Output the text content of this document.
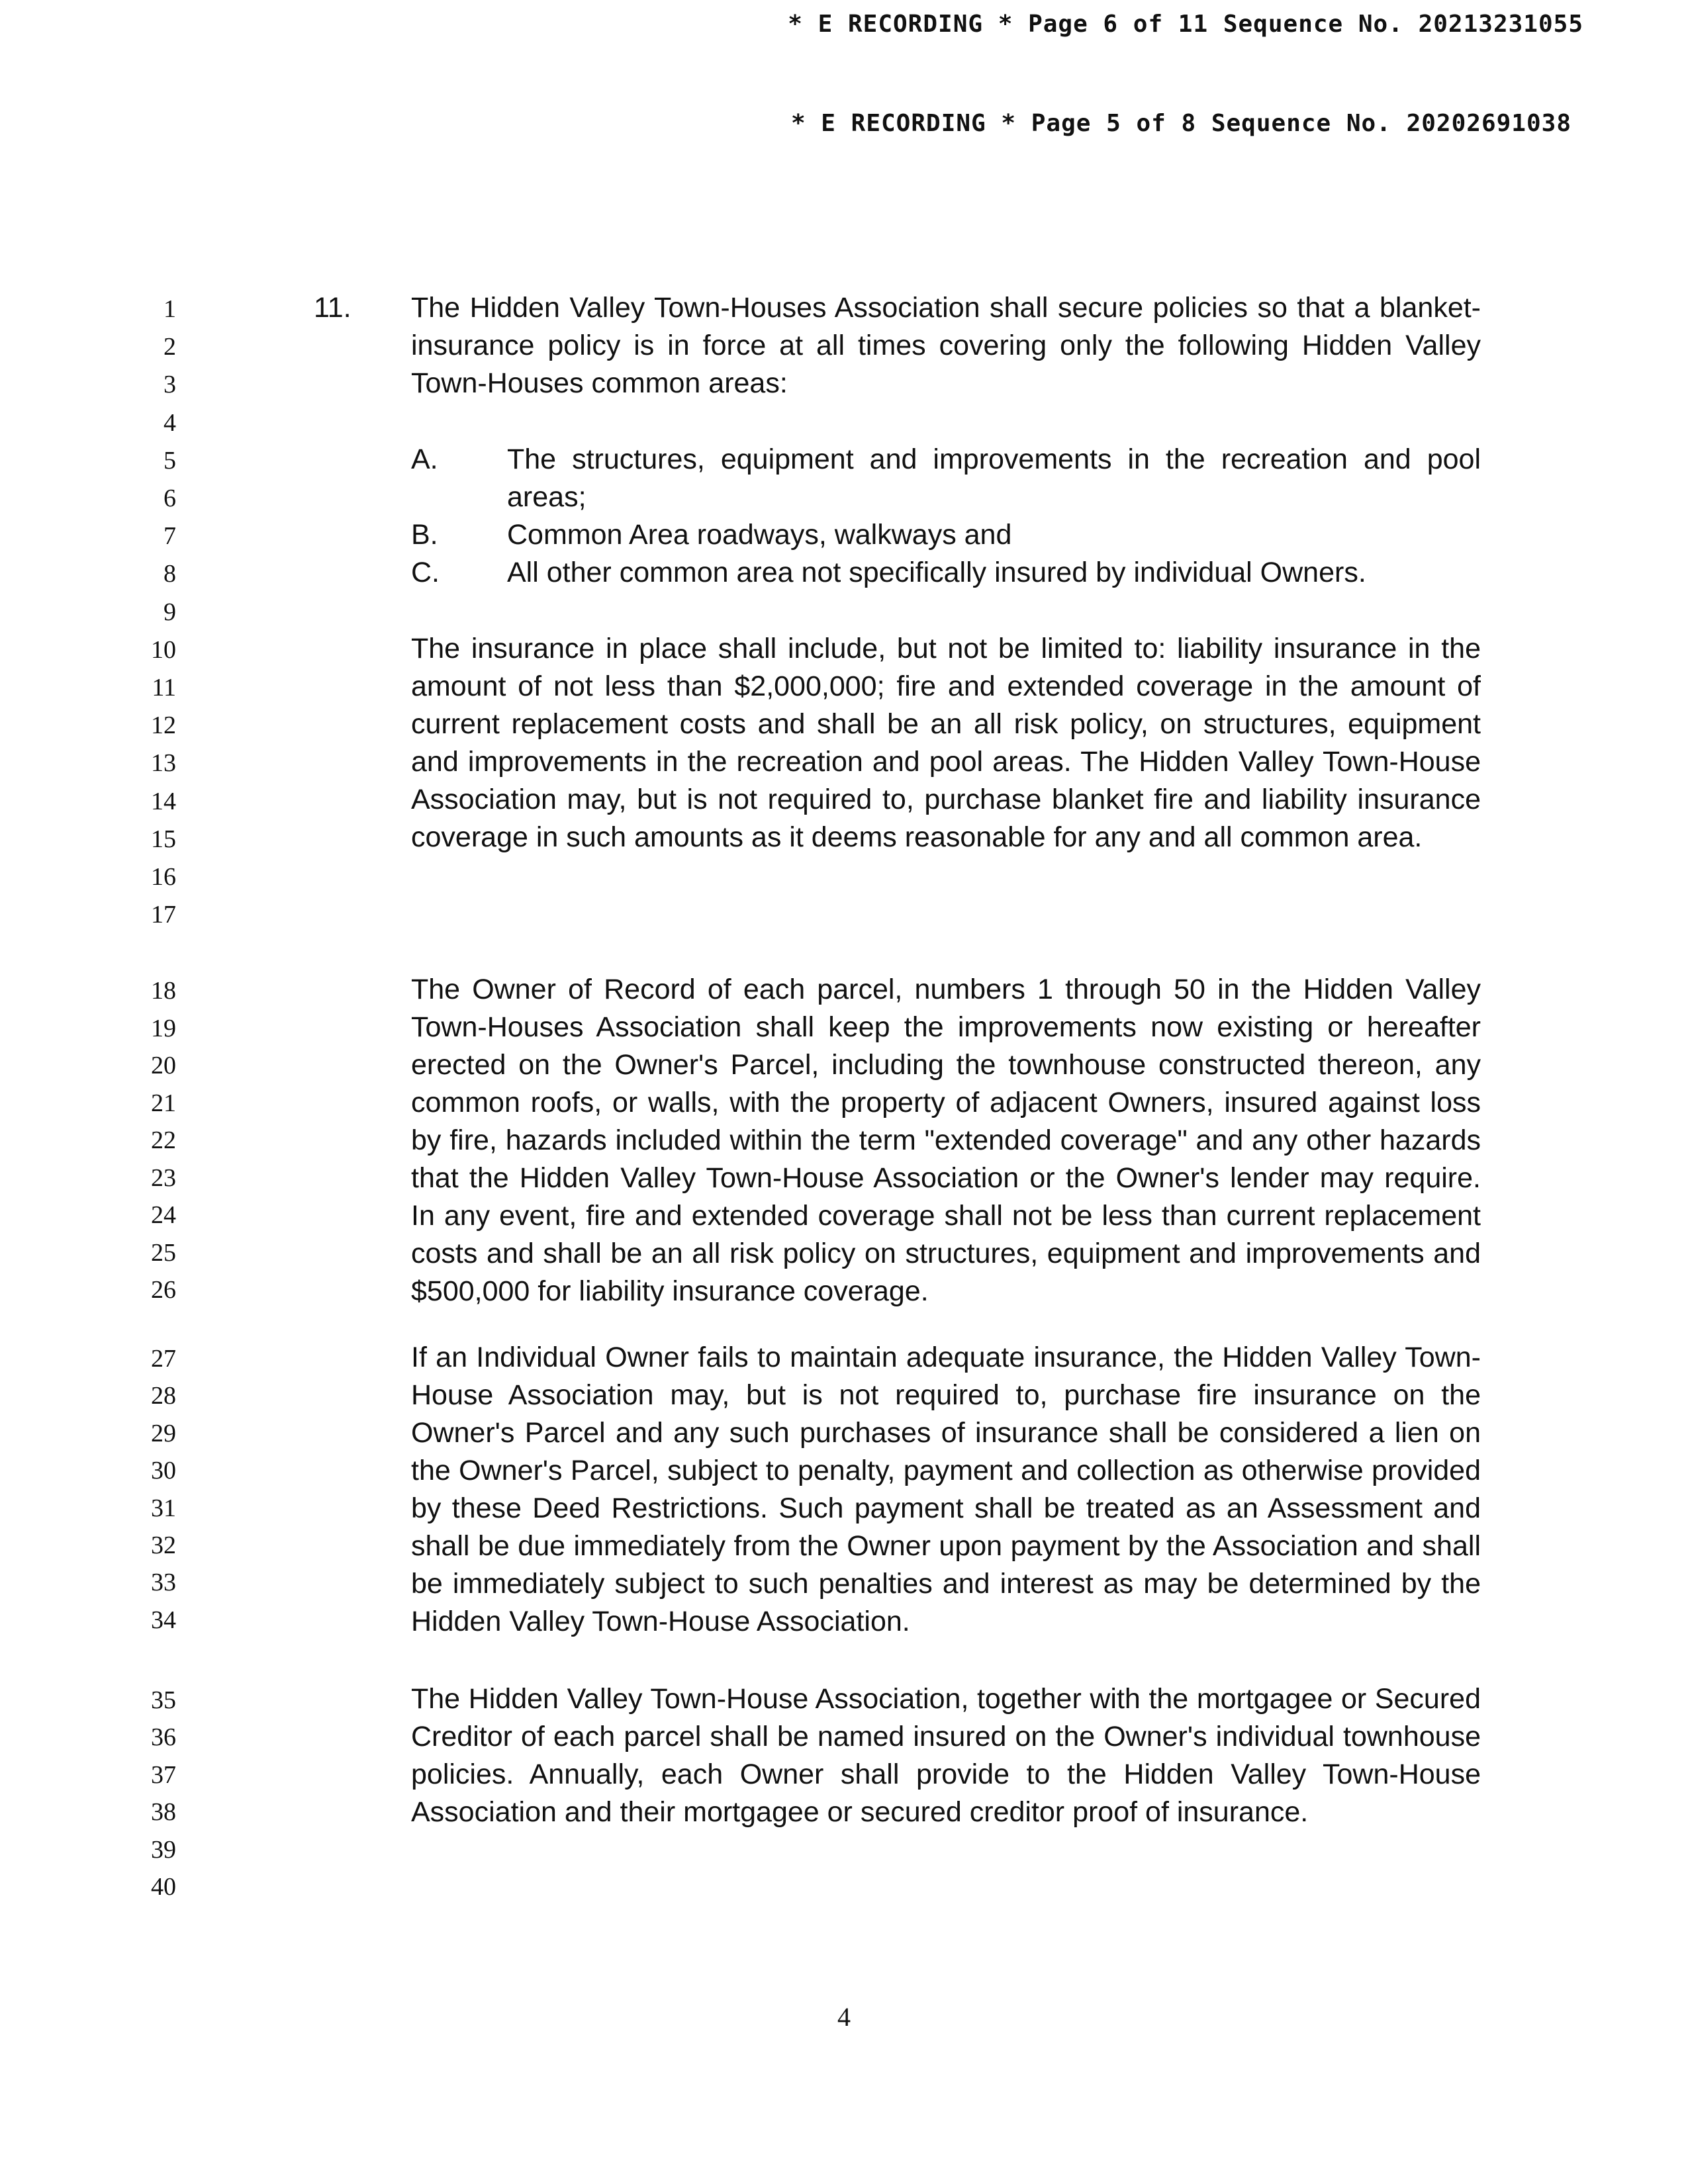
* E RECORDING * Page 6 of 11 Sequence No. 20213231055
* E RECORDING * Page 5 of 8 Sequence No. 20202691038
1
2
3
4
5
6
7
8
9
10
11
12
13
14
15
16
17
18
19
20
21
22
23
24
25
26
27
28
29
30
31
32
33
34
35
36
37
38
39
40
11. The Hidden Valley Town-Houses Association shall secure policies so that a blanket-insurance policy is in force at all times covering only the following Hidden Valley Town-Houses common areas:
A. The structures, equipment and improvements in the recreation and pool areas;
B. Common Area roadways, walkways and
C. All other common area not specifically insured by individual Owners.
The insurance in place shall include, but not be limited to: liability insurance in the amount of not less than $2,000,000; fire and extended coverage in the amount of current replacement costs and shall be an all risk policy, on structures, equipment and improvements in the recreation and pool areas. The Hidden Valley Town-House Association may, but is not required to, purchase blanket fire and liability insurance coverage in such amounts as it deems reasonable for any and all common area.
The Owner of Record of each parcel, numbers 1 through 50 in the Hidden Valley Town-Houses Association shall keep the improvements now existing or hereafter erected on the Owner's Parcel, including the townhouse constructed thereon, any common roofs, or walls, with the property of adjacent Owners, insured against loss by fire, hazards included within the term "extended coverage" and any other hazards that the Hidden Valley Town-House Association or the Owner's lender may require. In any event, fire and extended coverage shall not be less than current replacement costs and shall be an all risk policy on structures, equipment and improvements and $500,000 for liability insurance coverage.
If an Individual Owner fails to maintain adequate insurance, the Hidden Valley Town-House Association may, but is not required to, purchase fire insurance on the Owner's Parcel and any such purchases of insurance shall be considered a lien on the Owner's Parcel, subject to penalty, payment and collection as otherwise provided by these Deed Restrictions. Such payment shall be treated as an Assessment and shall be due immediately from the Owner upon payment by the Association and shall be immediately subject to such penalties and interest as may be determined by the Hidden Valley Town-House Association.
The Hidden Valley Town-House Association, together with the mortgagee or Secured Creditor of each parcel shall be named insured on the Owner's individual townhouse policies. Annually, each Owner shall provide to the Hidden Valley Town-House Association and their mortgagee or secured creditor proof of insurance.
4
